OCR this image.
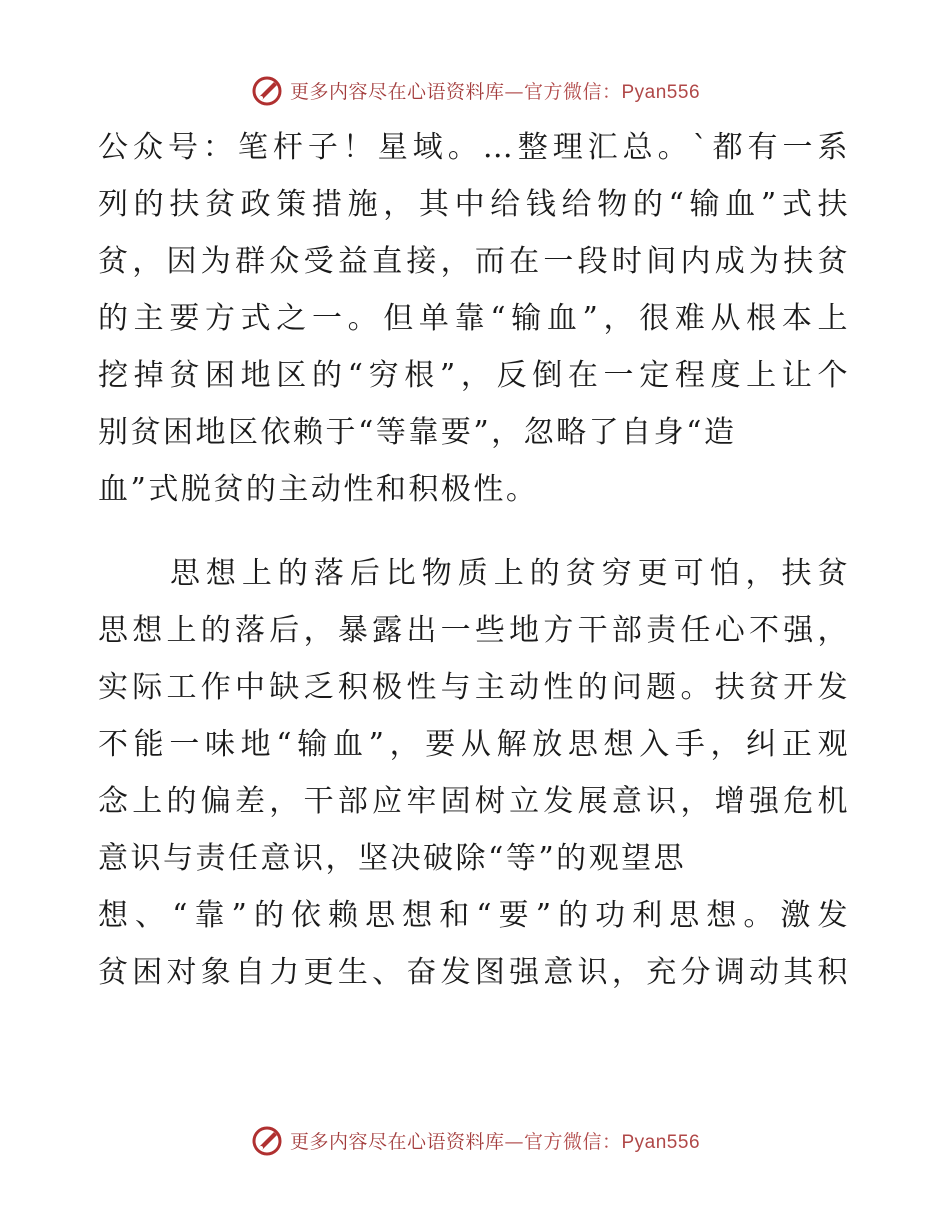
更多内容尽在心语资料库—官方微信：Pyan556
公众号：笔杆子！星域。…整理汇总。`都有一系
列的扶贫政策措施，其中给钱给物的“输血”式扶
贫，因为群众受益直接，而在一段时间内成为扶贫
的主要方式之一。但单靠“输血”，很难从根本上
挖掉贫困地区的“穷根”，反倒在一定程度上让个
别贫困地区依赖于“等靠要”，忽略了自身“造
血”式脱贫的主动性和积极性。
　　思想上的落后比物质上的贫穷更可怕，扶贫
思想上的落后，暴露出一些地方干部责任心不强，
实际工作中缺乏积极性与主动性的问题。扶贫开发
不能一味地“输血”，要从解放思想入手，纠正观
念上的偏差，干部应牢固树立发展意识，增强危机
意识与责任意识，坚决破除“等”的观望思
想、“靠”的依赖思想和“要”的功利思想。激发
贫困对象自力更生、奋发图强意识，充分调动其积
更多内容尽在心语资料库—官方微信：Pyan556
